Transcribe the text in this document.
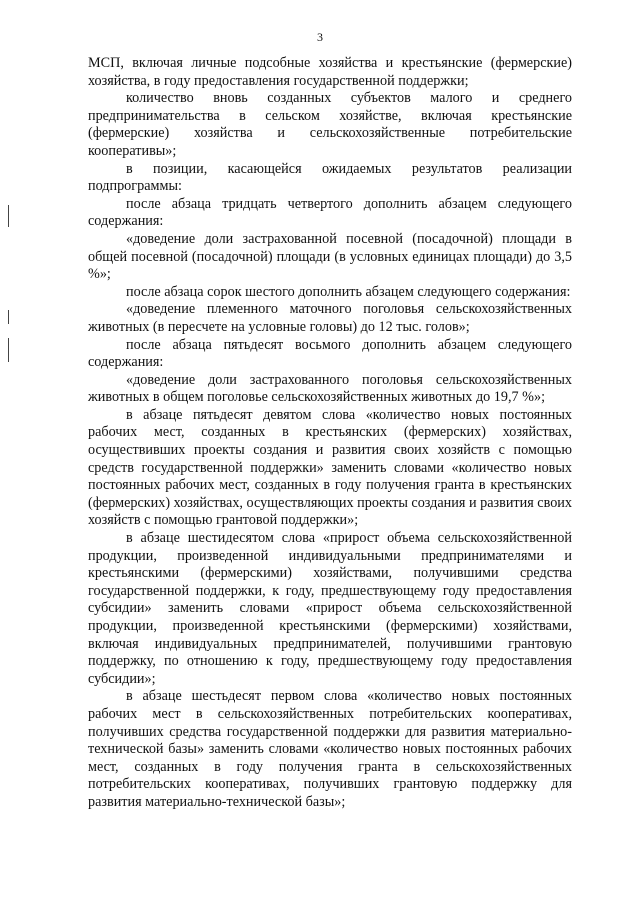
3

МСП, включая личные подсобные хозяйства и крестьянские (фермерские) хозяйства, в году предоставления государственной поддержки;

количество вновь созданных субъектов малого и среднего предпринимательства в сельском хозяйстве, включая крестьянские (фермерские) хозяйства и сельскохозяйственные потребительские кооперативы»;

в позиции, касающейся ожидаемых результатов реализации подпрограммы:

после абзаца тридцать четвертого дополнить абзацем следующего содержания:

«доведение доли застрахованной посевной (посадочной) площади в общей посевной (посадочной) площади (в условных единицах площади) до 3,5 %»;

после абзаца сорок шестого дополнить абзацем следующего содержания:

«доведение племенного маточного поголовья сельскохозяйственных животных (в пересчете на условные головы) до 12 тыс. голов»;

после абзаца пятьдесят восьмого дополнить абзацем следующего содержания:

«доведение доли застрахованного поголовья сельскохозяйственных животных в общем поголовье сельскохозяйственных животных до 19,7 %»;

в абзаце пятьдесят девятом слова «количество новых постоянных рабочих мест, созданных в крестьянских (фермерских) хозяйствах, осуществивших проекты создания и развития своих хозяйств с помощью средств государственной поддержки» заменить словами «количество новых постоянных рабочих мест, созданных в году получения гранта в крестьянских (фермерских) хозяйствах, осуществляющих проекты создания и развития своих хозяйств с помощью грантовой поддержки»;

в абзаце шестидесятом слова «прирост объема сельскохозяйственной продукции, произведенной индивидуальными предпринимателями и крестьянскими (фермерскими) хозяйствами, получившими средства государственной поддержки, к году, предшествующему году предоставления субсидии» заменить словами «прирост объема сельскохозяйственной продукции, произведенной крестьянскими (фермерскими) хозяйствами, включая индивидуальных предпринимателей, получившими грантовую поддержку, по отношению к году, предшествующему году предоставления субсидии»;

в абзаце шестьдесят первом слова «количество новых постоянных рабочих мест в сельскохозяйственных потребительских кооперативах, получивших средства государственной поддержки для развития материально-технической базы» заменить словами «количество новых постоянных рабочих мест, созданных в году получения гранта в сельскохозяйственных потребительских кооперативах, получивших грантовую поддержку для развития материально-технической базы»;
